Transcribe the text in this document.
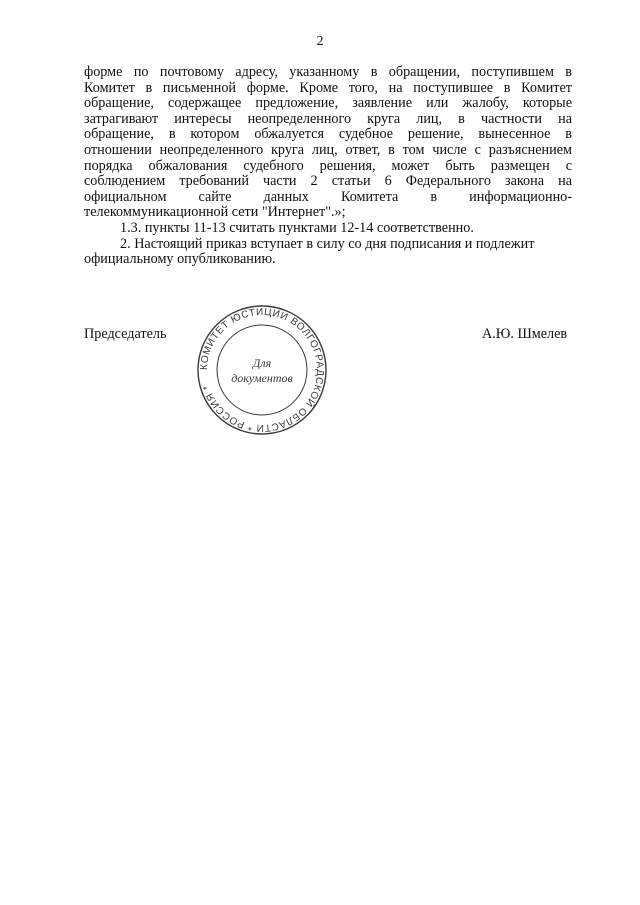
2
форме по почтовому адресу, указанному в обращении, поступившем в
Комитет в письменной форме. Кроме того, на поступившее в Комитет
обращение, содержащее предложение, заявление или жалобу, которые
затрагивают интересы неопределенного круга лиц, в частности на
обращение, в котором обжалуется судебное решение, вынесенное в
отношении неопределенного круга лиц, ответ, в том числе с разъяснением
порядка обжалования судебного решения, может быть размещен с
соблюдением требований части 2 статьи 6 Федерального закона на
официальном сайте данных Комитета в информационно-
телекоммуникационной сети "Интернет".»;
1.3. пункты 11-13 считать пунктами 12-14 соответственно.
2. Настоящий приказ вступает в силу со дня подписания и подлежит
официальному опубликованию.
Председатель	А.Ю. Шмелев
КОМИТЕТ ЮСТИЦИИ ВОЛГОГРАДСКОЙ ОБЛАСТИ * РОССИЯ *
Для
документов
